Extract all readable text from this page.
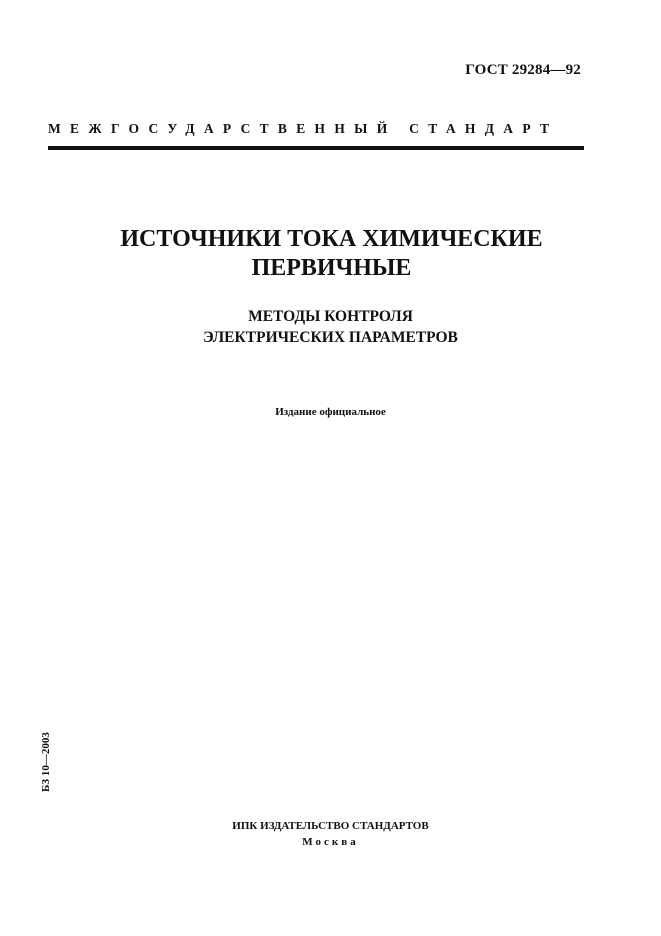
ГОСТ 29284—92
МЕЖГОСУДАРСТВЕННЫЙ СТАНДАРТ
ИСТОЧНИКИ ТОКА ХИМИЧЕСКИЕ
ПЕРВИЧНЫЕ
МЕТОДЫ КОНТРОЛЯ
ЭЛЕКТРИЧЕСКИХ ПАРАМЕТРОВ
Издание официальное
БЗ 10—2003
ИПК ИЗДАТЕЛЬСТВО СТАНДАРТОВ
Москва
